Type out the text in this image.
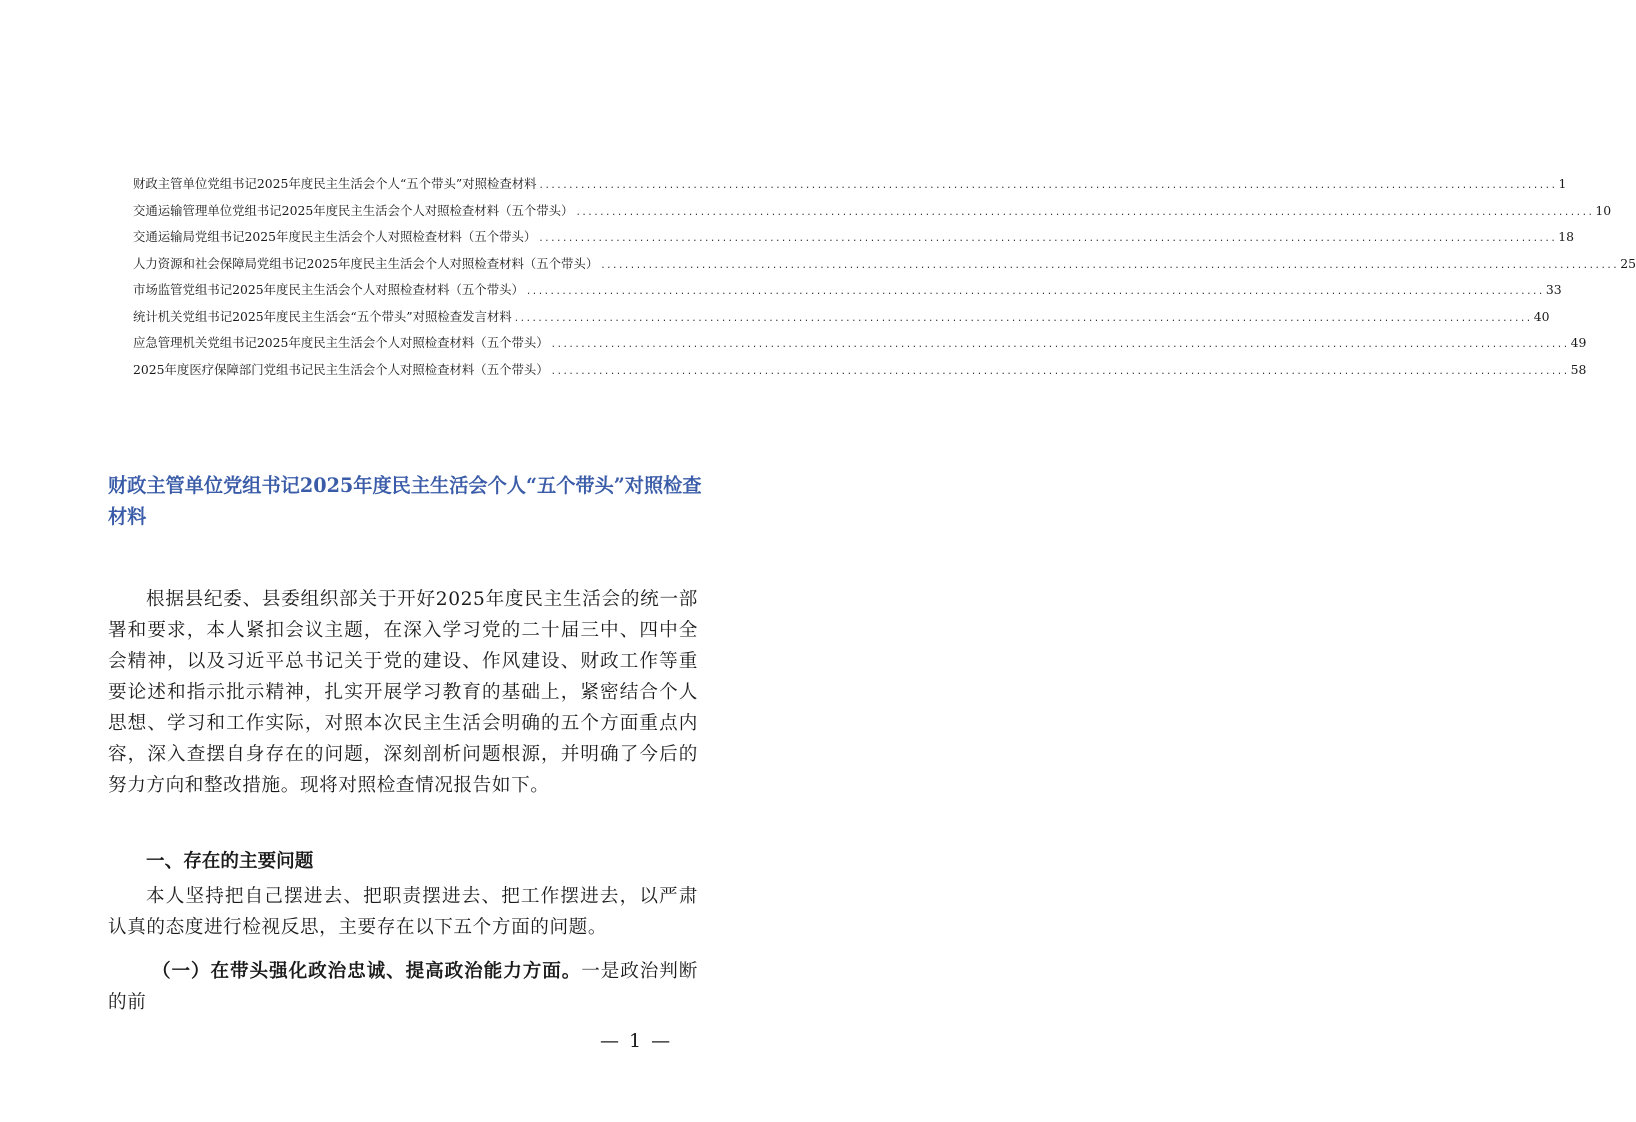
财政主管单位党组书记2025年度民主生活会个人“五个带头”对照检查材料 .....	1
交通运输管理单位党组书记2025年度民主生活会个人对照检查材料（五个带头） .....	10
交通运输局党组书记2025年度民主生活会个人对照检查材料（五个带头） .....	18
人力资源和社会保障局党组书记2025年度民主生活会个人对照检查材料（五个带头） .....	25
市场监管党组书记2025年度民主生活会个人对照检查材料（五个带头） .....	33
统计机关党组书记2025年度民主生活会“五个带头”对照检查发言材料 .....	40
应急管理机关党组书记2025年度民主生活会个人对照检查材料（五个带头） .....	49
2025年度医疗保障部门党组书记民主生活会个人对照检查材料（五个带头） .....	58
财政主管单位党组书记2025年度民主生活会个人“五个带头”对照检查材料

根据县纪委、县委组织部关于开好2025年度民主生活会的统一部署和要求，本人紧扣会议主题，在深入学习党的二十届三中、四中全会精神，以及习近平总书记关于党的建设、作风建设、财政工作等重要论述和指示批示精神，扎实开展学习教育的基础上，紧密结合个人思想、学习和工作实际，对照本次民主生活会明确的五个方面重点内容，深入查摆自身存在的问题，深刻剖析问题根源，并明确了今后的努力方向和整改措施。现将对照检查情况报告如下。

一、存在的主要问题

本人坚持把自己摆进去、把职责摆进去、把工作摆进去，以严肃认真的态度进行检视反思，主要存在以下五个方面的问题。

（一）在带头强化政治忠诚、提高政治能力方面。一是政治判断的前

— 1 —
